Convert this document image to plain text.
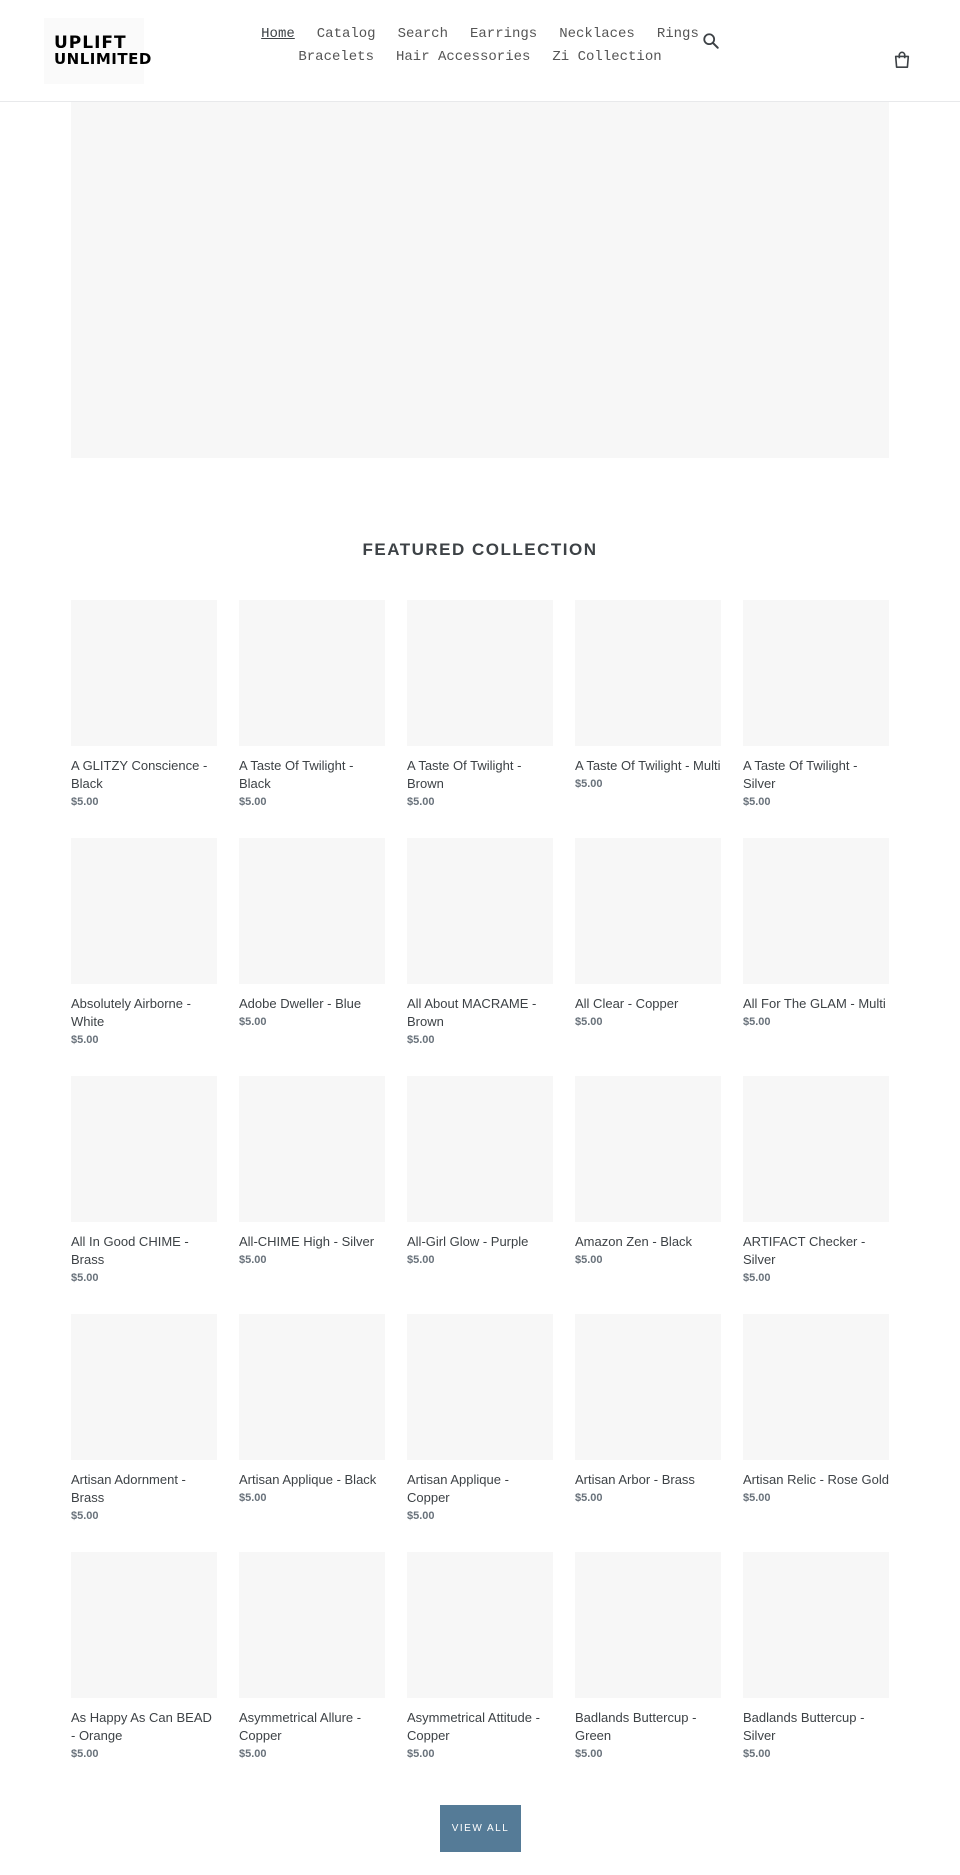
UPLIFT
UNLIMITED
Home Catalog Search Earrings Necklaces Rings
Bracelets Hair Accessories Zi Collection
FEATURED COLLECTION
A GLITZY Conscience - Black
$5.00
A Taste Of Twilight - Black
$5.00
A Taste Of Twilight - Brown
$5.00
A Taste Of Twilight - Multi
$5.00
A Taste Of Twilight - Silver
$5.00
Absolutely Airborne - White
$5.00
Adobe Dweller - Blue
$5.00
All About MACRAME - Brown
$5.00
All Clear - Copper
$5.00
All For The GLAM - Multi
$5.00
All In Good CHIME - Brass
$5.00
All-CHIME High - Silver
$5.00
All-Girl Glow - Purple
$5.00
Amazon Zen - Black
$5.00
ARTIFACT Checker - Silver
$5.00
Artisan Adornment - Brass
$5.00
Artisan Applique - Black
$5.00
Artisan Applique - Copper
$5.00
Artisan Arbor - Brass
$5.00
Artisan Relic - Rose Gold
$5.00
As Happy As Can BEAD - Orange
$5.00
Asymmetrical Allure - Copper
$5.00
Asymmetrical Attitude - Copper
$5.00
Badlands Buttercup - Green
$5.00
Badlands Buttercup - Silver
$5.00
VIEW ALL
